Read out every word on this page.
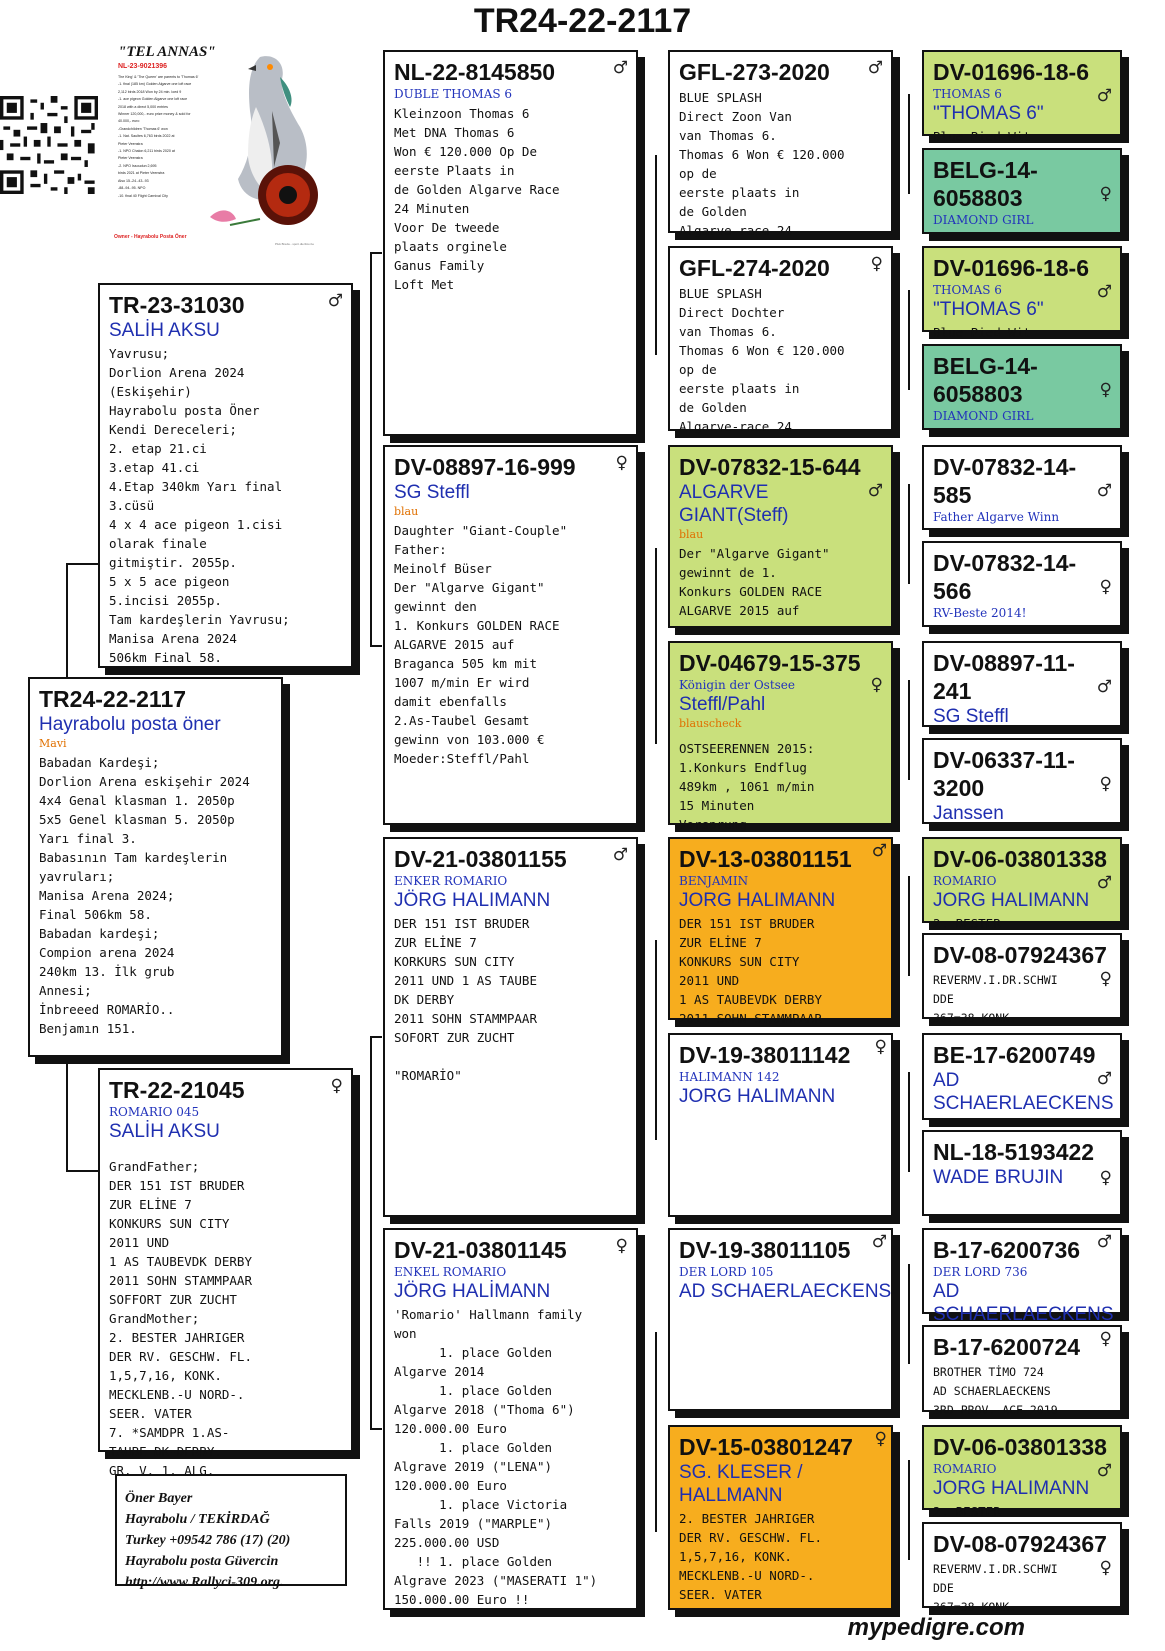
TR24-22-2117
"TEL ANNAS"
NL-23-9021396
The King' & 'The Queen' are parents to 'Thomas 6'
-1. final (185 km) Golden Algarve one loft race
2,112 birds 2018 Won by 24 min. loed 9
-1. ace pigeon Golden Algarve one loft race
2018 with a direct 5,000 entries
Winner 120,000,- euro prize money & sold for
40.000,- euro
-Grandchildren 'Thomas 6' won
-1. Nat. Saultes 6,763 birds 2022 at
Pieter Veenstra
-1. NPO Chalon 6,211 birds 2020 at
Pieter Veenstra
-2. NPO Issoudun 2,695
birds 2021 at Pieter Veenstra
Also 15.-24.-43.-93
-88.-94.-95. NPO
-10. final 40 Flight Carnival City
Owner - Hayrabolu Posta Öner
Pluk Breda - sport.dierfoto.be
TR24-22-2117
Hayrabolu posta öner
Mavi
Babadan Kardeşi;
Dorlion Arena eskişehir 2024
4x4 Genal klasman 1. 2050p
5x5 Genel klasman 5. 2050p
Yarı final 3.
Babasının Tam kardeşlerin
yavruları;
Manisa Arena 2024;
Final 506km 58.
Babadan kardeşi;
Compion arena 2024
240km 13. İlk grub
Annesi;
İnbreeed ROMARİO..
Benjamın 151.
TR-23-31030	♂
SALİH AKSU
Yavrusu;
Dorlion Arena 2024
(Eskişehir)
Hayrabolu posta Öner
Kendi Dereceleri;
2. etap 21.ci
3.etap 41.ci
4.Etap 340km Yarı final
3.cüsü
4 x 4 ace pigeon 1.cisi
olarak finale
gitmiştir. 2055p.
5 x 5 ace pigeon
5.incisi 2055p.
Tam kardeşlerin Yavrusu;
Manisa Arena 2024
506km Final 58.
TR-22-21045	♀
ROMARIO 045
SALİH AKSU
GrandFather;
DER 151 IST BRUDER
ZUR ELİNE 7
KONKURS SUN CITY
2011 UND
1 AS TAUBEVDK DERBY
2011 SOHN STAMMPAAR
SOFFORT ZUR ZUCHT
GrandMother;
2. BESTER JAHRIGER
DER RV. GESCHW. FL.
1,5,7,16, KONK.
MECKLENB.-U NORD-.
SEER. VATER
7. *SAMDPR 1.AS-
TAUBE DK-DERBY.
GR. V. 1. ALG.
NL-22-8145850	♂
DUBLE THOMAS 6
Kleinzoon Thomas 6
Met DNA Thomas 6
Won € 120.000 Op De
eerste Plaats in
de Golden Algarve Race
24 Minuten
Voor De tweede
plaats orginele
Ganus Family
Loft Met
DV-08897-16-999	♀
SG Steffl
blau
Daughter "Giant-Couple"
Father:
Meinolf Büser
Der "Algarve Gigant"
gewinnt den
1. Konkurs GOLDEN RACE
ALGARVE 2015 auf
Braganca 505 km mit
1007 m/min Er wird
damit ebenfalls
2.As-Taubel Gesamt
gewinn von 103.000 €
Moeder:Steffl/Pahl
DV-21-03801155	♂
ENKER ROMARIO
JÖRG HALIMANN
DER 151 IST BRUDER
ZUR ELİNE 7
KORKURS SUN CITY
2011 UND 1 AS TAUBE
DK DERBY
2011 SOHN STAMMPAAR
SOFORT ZUR ZUCHT

"ROMARİO"
DV-21-03801145	♀
ENKEL ROMARIO
JÖRG HALİMANN
'Romario' Hallmann family
won
1. place Golden
Algarve 2014
1. place Golden
Algarve 2018 ("Thoma 6")
120.000.00 Euro
1. place Golden
Algrave 2019 ("LENA")
120.000.00 Euro
1. place Victoria
Falls 2019 ("MARPLE")
225.000.00 USD
!! 1. place Golden
Algrave 2023 ("MASERATI 1")
150.000.00 Euro !!
GFL-273-2020	♂
BLUE SPLASH
Direct Zoon Van
van Thomas 6.
Thomas 6 Won € 120.000
op de
eerste plaats in
de Golden
Algarve-race 24
GFL-274-2020	♀
BLUE SPLASH
Direct Dochter
van Thomas 6.
Thomas 6 Won € 120.000
op de
eerste plaats in
de Golden
Algarve-race 24
DV-07832-15-644
♂
ALGARVE GIANT(Steff)
blau
Der "Algarve Gigant"
gewinnt de 1.
Konkurs GOLDEN RACE
ALGARVE 2015 auf
DV-04679-15-375
♀
Königin der Ostsee
Steffl/Pahl
blauscheck
OSTSEERENNEN 2015:
1.Konkurs Endflug
489km , 1061 m/min
15 Minuten
Vorsprung
DV-13-03801151	♂
BENJAMIN
JORG HALIMANN
DER 151 IST BRUDER
ZUR ELİNE 7
KONKURS SUN CITY
2011 UND
1 AS TAUBEVDK DERBY
2011 SOHN STAMMPAAR
DV-19-38011142	♀
HALIMANN 142
JORG HALIMANN
DV-19-38011105	♂
DER LORD 105
AD SCHAERLAECKENS
DV-15-03801247	♀
SG. KLESER / HALLMANN
2. BESTER JAHRIGER
DER RV. GESCHW. FL.
1,5,7,16, KONK.
MECKLENB.-U NORD-.
SEER. VATER
DV-01696-18-6
♂
THOMAS 6
"THOMAS 6"
Blue Pied Wit
BELG-14-6058803	♀
DIAMOND GIRL
DV-01696-18-6
♂
THOMAS 6
"THOMAS 6"
Blue Pied Wit
BELG-14-6058803	♀
DIAMOND GIRL
DV-07832-14-585	♂
Father Algarve Winn
DV-07832-14-566	♀
RV-Beste 2014!
DV-08897-11-241	♂
SG Steffl
DV-06337-11-3200	♀
Janssen
DV-06-03801338
♂
ROMARIO
JORG HALIMANN
2. BESTER
DV-08-07924367
♀
REVERMV.I.DR.SCHWI
DDE
367=38 KONK.
BE-17-6200749
♂
AD SCHAERLAECKENS
NL-18-5193422
♀
WADE BRUJIN
B-17-6200736 ♂
DER LORD 736
AD SCHAERLAECKENS
B-17-6200724	♀
BROTHER TİMO 724
AD SCHAERLAECKENS
3RD PROV. ACE 2019
DV-06-03801338
♂
ROMARIO
JORG HALIMANN
2. BESTER
DV-08-07924367
♀
REVERMV.I.DR.SCHWI
DDE
367=38 KONK.
Öner Bayer
Hayrabolu / TEKİRDAĞ
Turkey +09542 786 (17) (20)
Hayrabolu posta Güvercin
http://www.Rallyci-309.org.
mypedigre.com
